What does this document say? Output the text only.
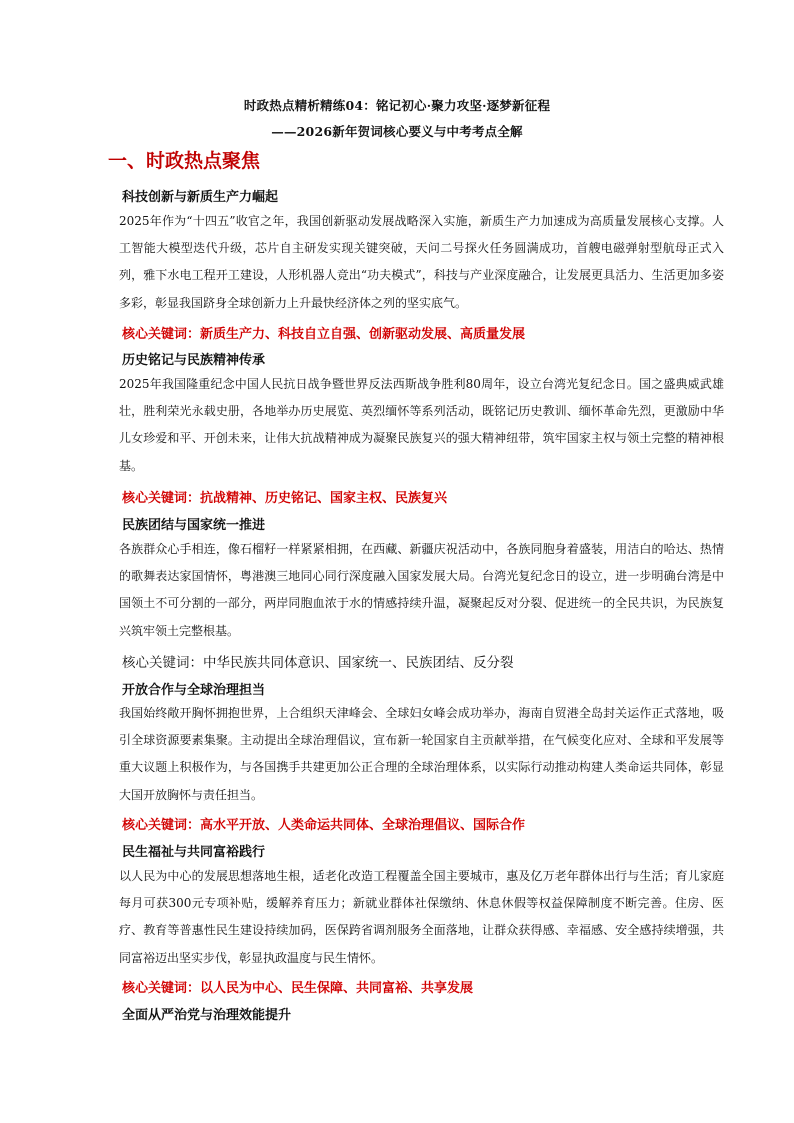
时政热点精析精练04：铭记初心·聚力攻坚·逐梦新征程
——2026新年贺词核心要义与中考考点全解
一、时政热点聚焦
科技创新与新质生产力崛起
2025年作为“十四五”收官之年，我国创新驱动发展战略深入实施，新质生产力加速成为高质量发展核心支撑。人工智能大模型迭代升级，芯片自主研发实现关键突破，天问二号探火任务圆满成功，首艘电磁弹射型航母正式入列，雅下水电工程开工建设，人形机器人竞出“功夫模式”，科技与产业深度融合，让发展更具活力、生活更加多姿多彩，彰显我国跻身全球创新力上升最快经济体之列的坚实底气。
核心关键词：新质生产力、科技自立自强、创新驱动发展、高质量发展
历史铭记与民族精神传承
2025年我国隆重纪念中国人民抗日战争暨世界反法西斯战争胜利80周年，设立台湾光复纪念日。国之盛典威武雄壮，胜利荣光永载史册，各地举办历史展览、英烈缅怀等系列活动，既铭记历史教训、缅怀革命先烈，更激励中华儿女珍爱和平、开创未来，让伟大抗战精神成为凝聚民族复兴的强大精神纽带，筑牢国家主权与领土完整的精神根基。
核心关键词：抗战精神、历史铭记、国家主权、民族复兴
民族团结与国家统一推进
各族群众心手相连，像石榴籽一样紧紧相拥，在西藏、新疆庆祝活动中，各族同胞身着盛装，用洁白的哈达、热情的歌舞表达家国情怀，粤港澳三地同心同行深度融入国家发展大局。台湾光复纪念日的设立，进一步明确台湾是中国领土不可分割的一部分，两岸同胞血浓于水的情感持续升温，凝聚起反对分裂、促进统一的全民共识，为民族复兴筑牢领土完整根基。
核心关键词：中华民族共同体意识、国家统一、民族团结、反分裂
开放合作与全球治理担当
我国始终敞开胸怀拥抱世界，上合组织天津峰会、全球妇女峰会成功举办，海南自贸港全岛封关运作正式落地，吸引全球资源要素集聚。主动提出全球治理倡议，宣布新一轮国家自主贡献举措，在气候变化应对、全球和平发展等重大议题上积极作为，与各国携手共建更加公正合理的全球治理体系，以实际行动推动构建人类命运共同体，彰显大国开放胸怀与责任担当。
核心关键词：高水平开放、人类命运共同体、全球治理倡议、国际合作
民生福祉与共同富裕践行
以人民为中心的发展思想落地生根，适老化改造工程覆盖全国主要城市，惠及亿万老年群体出行与生活；育儿家庭每月可获300元专项补贴，缓解养育压力；新就业群体社保缴纳、休息休假等权益保障制度不断完善。住房、医疗、教育等普惠性民生建设持续加码，医保跨省调剂服务全面落地，让群众获得感、幸福感、安全感持续增强，共同富裕迈出坚实步伐，彰显执政温度与民生情怀。
核心关键词：以人民为中心、民生保障、共同富裕、共享发展
全面从严治党与治理效能提升
